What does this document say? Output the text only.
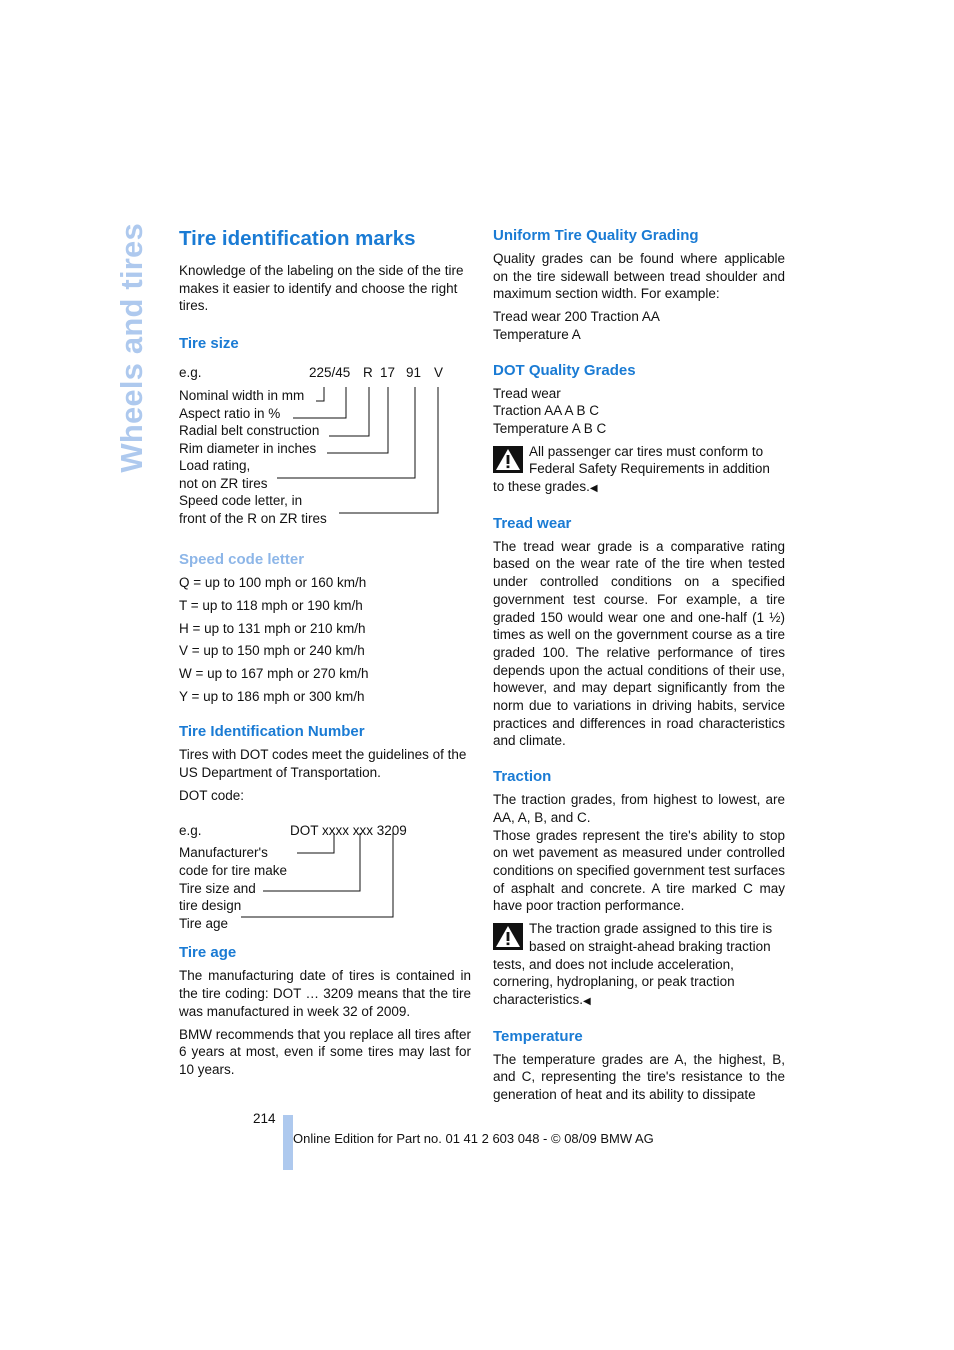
Wheels and tires Tire identification marks

Knowledge of the labeling on the side of the tire makes it easier to identify and choose the right tires.

Tire size
e.g.	225/45 R 17 91 V
Nominal width in mm
Aspect ratio in %
Radial belt construction
Rim diameter in inches
Load rating,
not on ZR tires
Speed code letter, in
front of the R on ZR tires
Speed code letter

Q = up to 100 mph or 160 km/h

T = up to 118 mph or 190 km/h

H = up to 131 mph or 210 km/h

V = up to 150 mph or 240 km/h

W = up to 167 mph or 270 km/h

Y = up to 186 mph or 300 km/h

Tire Identification Number

Tires with DOT codes meet the guidelines of the US Department of Transportation.

DOT code:

e.g.	DOT xxxx xxx 3209
Manufacturer's
code for tire make
Tire size and
tire design
Tire age
Tire age

The manufacturing date of tires is contained in the tire coding: DOT … 3209 means that the tire was manufactured in week 32 of 2009.

BMW recommends that you replace all tires after 6 years at most, even if some tires may last for 10 years.

Uniform Tire Quality Grading

Quality grades can be found where applicable on the tire sidewall between tread shoulder and maximum section width. For example:

Tread wear 200 Traction AA

Temperature A

DOT Quality Grades

Tread wear

Traction AA A B C

Temperature A B C

All passenger car tires must conform to
Federal Safety Requirements in addition
to these grades.◀
Tread wear

The tread wear grade is a comparative rating based on the wear rate of the tire when tested under controlled conditions on a specified government test course. For example, a tire graded 150 would wear one and one-half (1 ½) times as well on the government course as a tire graded 100. The relative performance of tires depends upon the actual conditions of their use, however, and may depart significantly from the norm due to variations in driving habits, service practices and differences in road characteristics and climate.

Traction

The traction grades, from highest to lowest, are AA, A, B, and C.

Those grades represent the tire's ability to stop on wet pavement as measured under controlled conditions on specified government test surfaces of asphalt and concrete. A tire marked C may have poor traction performance.

The traction grade assigned to this tire is
based on straight-ahead braking traction
tests, and does not include acceleration, cornering, hydroplaning, or peak traction characteristics.◀
Temperature

The temperature grades are A, the highest, B, and C, representing the tire's resistance to the generation of heat and its ability to dissipate

214
Online Edition for Part no. 01 41 2 603 048 - © 08/09 BMW AG
